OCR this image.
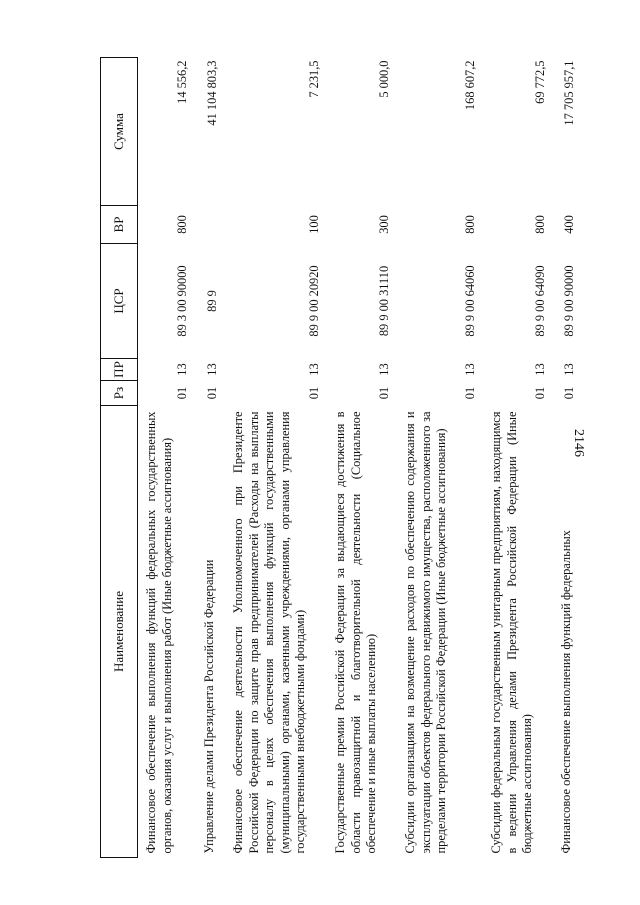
2146
Наименование	Рз	ПР	ЦСР	ВР	Сумма
Финансовое обеспечение выполнения функций федеральных государственных органов, оказания услуг и выполнения работ (Иные бюджетные ассигнования)	01	13	89 3 00 90000	800	14 556,2
Управление делами Президента Российской Федерации	01	13	89 9		41 104 803,3
Финансовое обеспечение деятельности Уполномоченного при Президенте Российской Федерации по защите прав предпринимателей (Расходы на выплаты персоналу в целях обеспечения выполнения функций государственными (муниципальными) органами, казенными учреждениями, органами управления государственными внебюджетными фондами)	01	13	89 9 00 20920	100	7 231,5
Государственные премии Российской Федерации за выдающиеся достижения в области правозащитной и благотворительной деятельности (Социальное обеспечение и иные выплаты населению)	01	13	89 9 00 31110	300	5 000,0
Субсидии организациям на возмещение расходов по обеспечению содержания и эксплуатации объектов федерального недвижимого имущества, расположенного за пределами территории Российской Федерации (Иные бюджетные ассигнования)	01	13	89 9 00 64060	800	168 607,2
Субсидии федеральным государственным унитарным предприятиям, находящимся в ведении Управления делами Президента Российской Федерации (Иные бюджетные ассигнования)	01	13	89 9 00 64090	800	69 772,5
Финансовое обеспечение выполнения функций федеральных	01	13	89 9 00 90000	400	17 705 957,1
